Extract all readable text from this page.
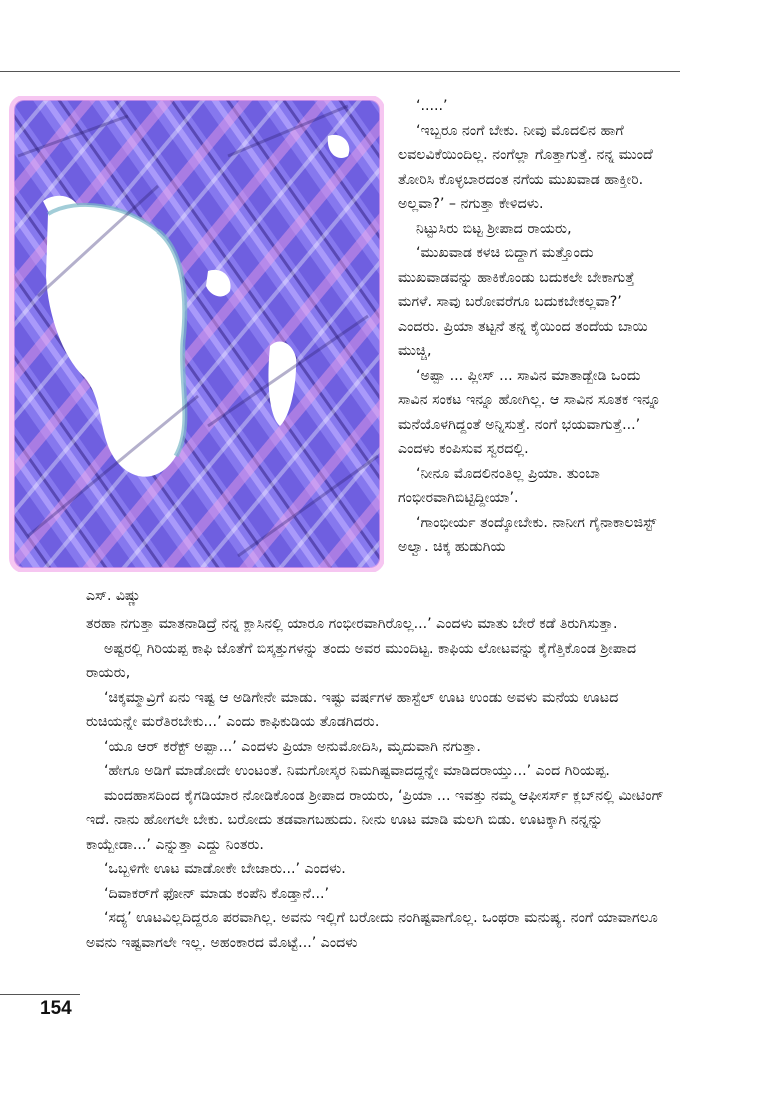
ಎಸ್. ವಿಷ್ಣು

‘.....’

‘ಇಬ್ಬರೂ ನಂಗೆ ಬೇಕು. ನೀವು ಮೊದಲಿನ ಹಾಗೆ ಲವಲವಿಕೆಯಿಂದಿಲ್ಲ. ನಂಗೆಲ್ಲಾ ಗೊತ್ತಾಗುತ್ತೆ. ನನ್ನ ಮುಂದೆ ತೋರಿಸಿ ಕೊಳ್ಳಬಾರದಂತ ನಗೆಯ ಮುಖವಾಡ ಹಾಕ್ತೀರಿ. ಅಲ್ಲವಾ?’ – ನಗುತ್ತಾ ಕೇಳಿದಳು.

ನಿಟ್ಟುಸಿರು ಬಿಟ್ಟ ಶ್ರೀಪಾದ ರಾಯರು,

‘ಮುಖವಾಡ ಕಳಚಿ ಬಿದ್ದಾಗ ಮತ್ತೊಂದು ಮುಖವಾಡವನ್ನು ಹಾಕಿಕೊಂಡು ಬದುಕಲೇ ಬೇಕಾಗುತ್ತೆ ಮಗಳೆ. ಸಾವು ಬರೋವರೆಗೂ ಬದುಕಬೇಕಲ್ಲವಾ?’ ಎಂದರು. ಪ್ರಿಯಾ ತಟ್ಟನೆ ತನ್ನ ಕೈಯಿಂದ ತಂದೆಯ ಬಾಯಿ ಮುಚ್ಚಿ,

‘ಅಪ್ಪಾ ... ಪ್ಲೀಸ್ ... ಸಾವಿನ ಮಾತಾಡ್ಬೇಡಿ ಒಂದು ಸಾವಿನ ಸಂಕಟ ಇನ್ನೂ ಹೋಗಿಲ್ಲ. ಆ ಸಾವಿನ ಸೂತಕ ಇನ್ನೂ ಮನೆಯೊಳಗಿದ್ದಂತೆ ಅನ್ನಿಸುತ್ತೆ. ನಂಗೆ ಭಯವಾಗುತ್ತೆ...’ ಎಂದಳು ಕಂಪಿಸುವ ಸ್ವರದಲ್ಲಿ.

‘ನೀನೂ ಮೊದಲಿನಂತಿಲ್ಲ ಪ್ರಿಯಾ. ತುಂಬಾ ಗಂಭೀರವಾಗಿಬಿಟ್ಟಿದ್ದೀಯಾ’.

‘ಗಾಂಭೀರ್ಯ ತಂದ್ಕೋಬೇಕು. ನಾನೀಗ ಗೈನಾಕಾಲಜಿಸ್ಟ್ ಅಲ್ವಾ. ಚಿಕ್ಕ ಹುಡುಗಿಯ

ತರಹಾ ನಗುತ್ತಾ ಮಾತನಾಡಿದ್ರೆ ನನ್ನ ಕ್ಲಾಸಿನಲ್ಲಿ ಯಾರೂ ಗಂಭೀರವಾಗಿರೊಲ್ಲ...’ ಎಂದಳು ಮಾತು ಬೇರೆ ಕಡೆ ತಿರುಗಿಸುತ್ತಾ.

ಅಷ್ಟರಲ್ಲಿ ಗಿರಿಯಪ್ಪ ಕಾಫಿ ಜೊತೆಗೆ ಬಿಸ್ಕತ್ತುಗಳನ್ನು ತಂದು ಅವರ ಮುಂದಿಟ್ಟ. ಕಾಫಿಯ ಲೋಟವನ್ನು ಕೈಗೆತ್ತಿಕೊಂಡ ಶ್ರೀಪಾದ ರಾಯರು,

‘ಚಿಕ್ಕಮ್ಮಾವ್ರಿಗೆ ಏನು ಇಷ್ಟ ಆ ಅಡಿಗೇನೇ ಮಾಡು. ಇಷ್ಟು ವರ್ಷಗಳ ಹಾಸ್ಟೆಲ್ ಊಟ ಉಂಡು ಅವಳು ಮನೆಯ ಊಟದ ರುಚಿಯನ್ನೇ ಮರೆತಿರಬೇಕು...’ ಎಂದು ಕಾಫಿಕುಡಿಯ ತೊಡಗಿದರು.

‘ಯೂ ಆರ್ ಕರೆಕ್ಟ್ ಅಪ್ಪಾ...’ ಎಂದಳು ಪ್ರಿಯಾ ಅನುಮೋದಿಸಿ, ಮೃದುವಾಗಿ ನಗುತ್ತಾ.

‘ಹೇಗೂ ಅಡಿಗೆ ಮಾಡೋದೇ ಉಂಟಂತೆ. ನಿಮಗೋಸ್ಕರ ನಿಮಗಿಷ್ಟವಾದದ್ದನ್ನೇ ಮಾಡಿದರಾಯ್ತು...’ ಎಂದ ಗಿರಿಯಪ್ಪ.

ಮಂದಹಾಸದಿಂದ ಕೈಗಡಿಯಾರ ನೋಡಿಕೊಂಡ ಶ್ರೀಪಾದ ರಾಯರು, ‘ಪ್ರಿಯಾ ... ಇವತ್ತು ನಮ್ಮ ಆಫೀಸರ್ಸ್ ಕ್ಲಬ್‌ನಲ್ಲಿ ಮೀಟಿಂಗ್ ಇದೆ. ನಾನು ಹೋಗಲೇ ಬೇಕು. ಬರೋದು ತಡವಾಗಬಹುದು. ನೀನು ಊಟ ಮಾಡಿ ಮಲಗಿ ಬಿಡು. ಊಟಕ್ಕಾಗಿ ನನ್ನನ್ನು ಕಾಯ್ಬೇಡಾ...’ ಎನ್ನುತ್ತಾ ಎದ್ದು ನಿಂತರು.

‘ಒಬ್ಬಳಿಗೇ ಊಟ ಮಾಡೋಕೇ ಬೇಜಾರು...’ ಎಂದಳು.

‘ದಿವಾಕರ್‌ಗೆ ಫೋನ್ ಮಾಡು ಕಂಪೆನಿ ಕೊಡ್ತಾನೆ...’

‘ಸದ್ಯ’ ಊಟವಿಲ್ಲದಿದ್ದರೂ ಪರವಾಗಿಲ್ಲ. ಅವನು ಇಲ್ಲಿಗೆ ಬರೋದು ನಂಗಿಷ್ಟವಾಗೊಲ್ಲ. ಒಂಥರಾ ಮನುಷ್ಯ. ನಂಗೆ ಯಾವಾಗಲೂ ಅವನು ಇಷ್ಟವಾಗಲೇ ಇಲ್ಲ. ಅಹಂಕಾರದ ಮೊಟ್ಟೆ...’ ಎಂದಳು

154
